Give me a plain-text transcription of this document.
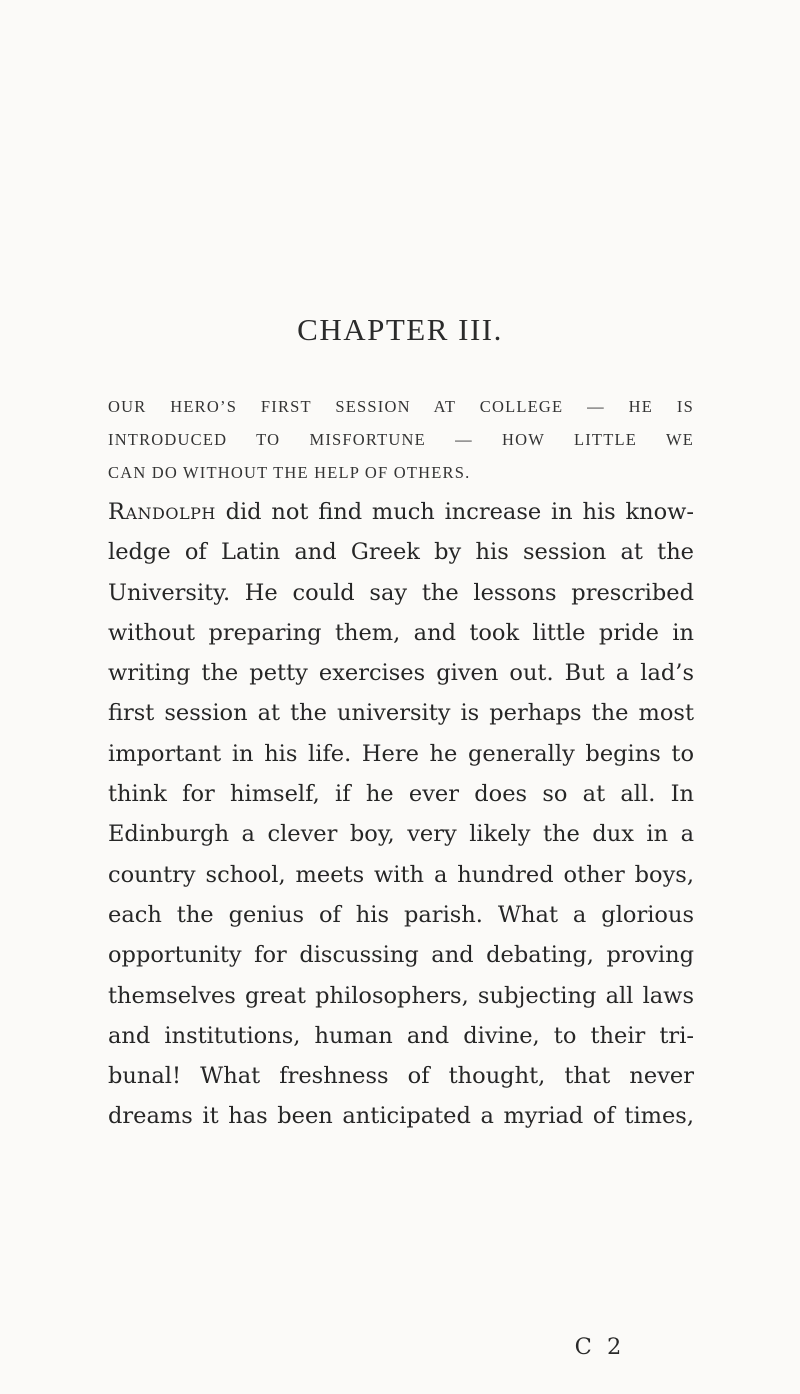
CHAPTER III.

OUR HERO’S FIRST SESSION AT COLLEGE — HE IS
INTRODUCED TO MISFORTUNE — HOW LITTLE WE
CAN DO WITHOUT THE HELP OF OTHERS.

Randolph did not find much increase in his know-
ledge of Latin and Greek by his session at the
University. He could say the lessons prescribed
without preparing them, and took little pride in
writing the petty exercises given out. But a lad’s
first session at the university is perhaps the most
important in his life. Here he generally begins to
think for himself, if he ever does so at all. In
Edinburgh a clever boy, very likely the dux in a
country school, meets with a hundred other boys,
each the genius of his parish. What a glorious
opportunity for discussing and debating, proving
themselves great philosophers, subjecting all laws
and institutions, human and divine, to their tri-
bunal! What freshness of thought, that never
dreams it has been anticipated a myriad of times,
C 2
